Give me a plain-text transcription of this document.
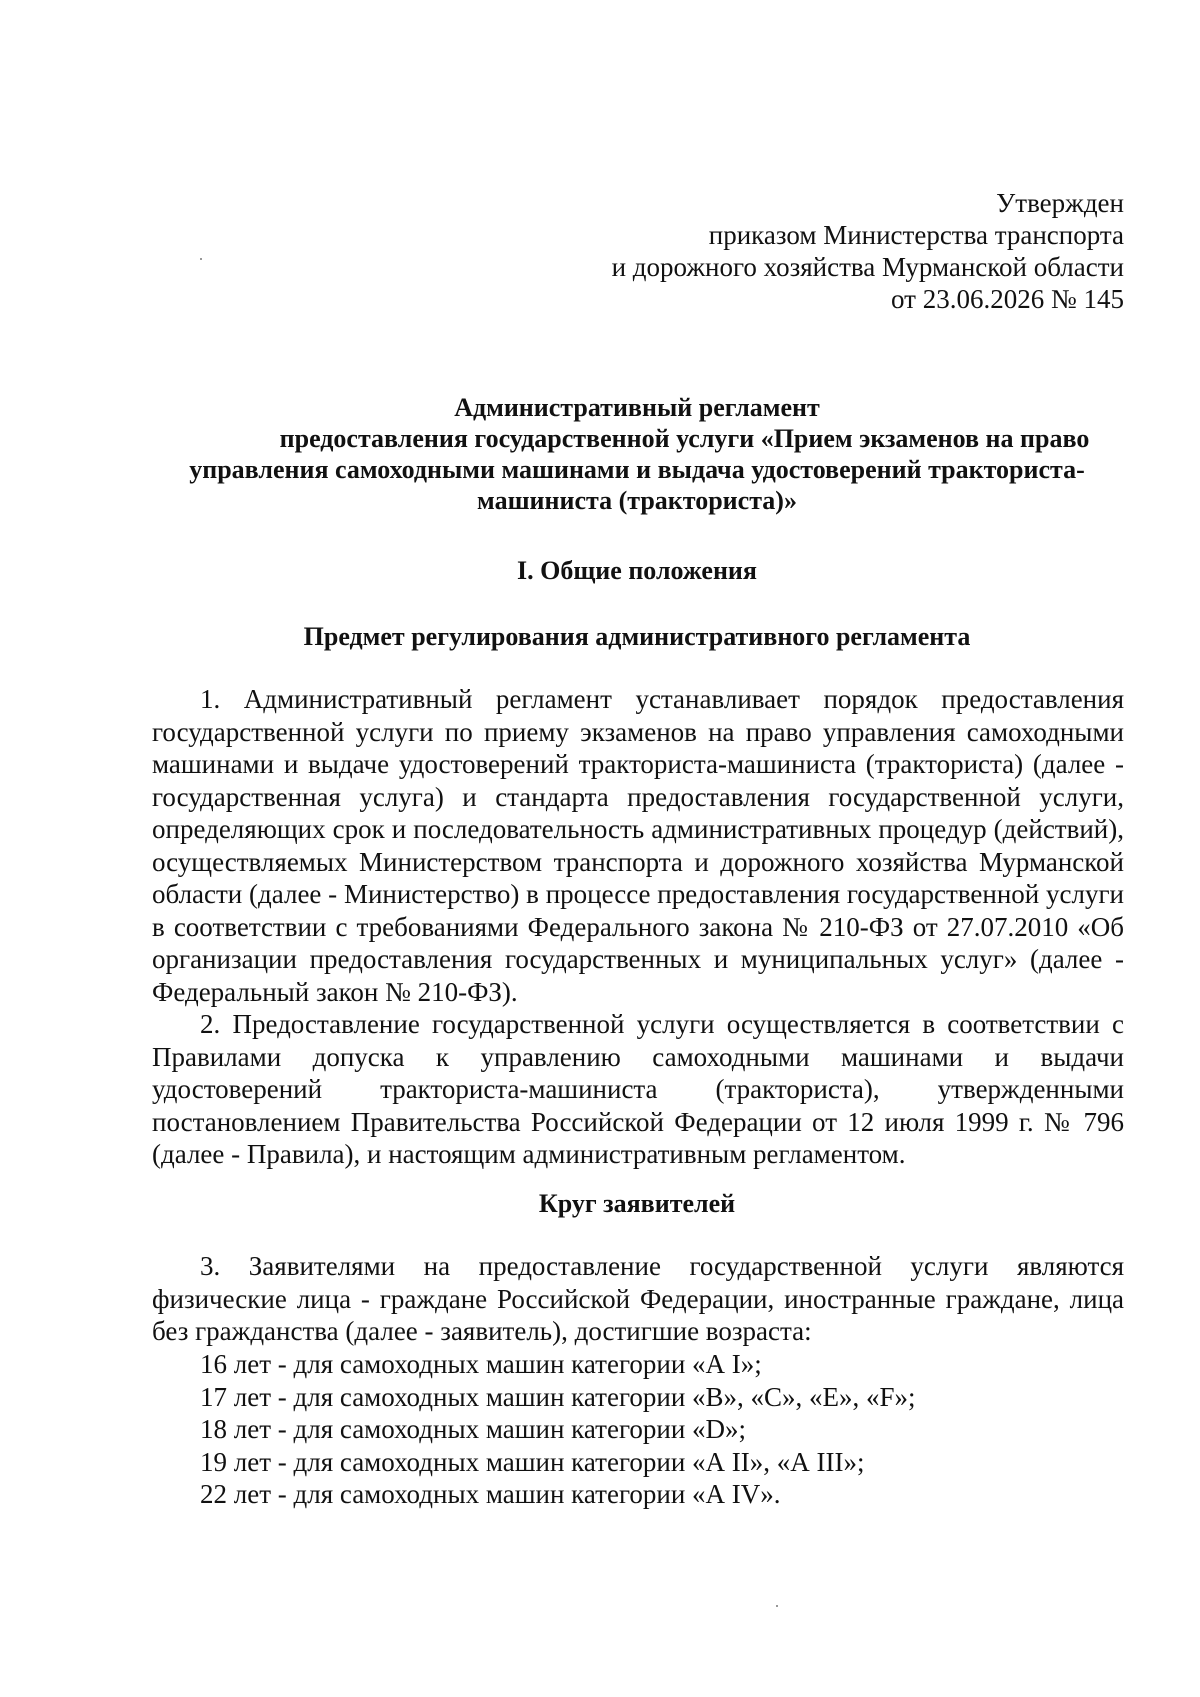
Утвержден
приказом Министерства транспорта
и дорожного хозяйства Мурманской области
от 23.06.2026 № 145
Административный регламент
предоставления государственной услуги «Прием экзаменов на право
управления самоходными машинами и выдача удостоверений тракториста-
машиниста (тракториста)»
I. Общие положения
Предмет регулирования административного регламента

1. Административный регламент устанавливает порядок предоставления государственной услуги по приему экзаменов на право управления самоходными машинами и выдаче удостоверений тракториста-машиниста (тракториста) (далее - государственная услуга) и стандарта предоставления государственной услуги, определяющих срок и последовательность административных процедур (действий), осуществляемых Министерством транспорта и дорожного хозяйства Мурманской области (далее - Министерство) в процессе предоставления государственной услуги в соответствии с требованиями Федерального закона № 210-ФЗ от 27.07.2010 «Об организации предоставления государственных и муниципальных услуг» (далее - Федеральный закон № 210-ФЗ).

2. Предоставление государственной услуги осуществляется в соответствии с Правилами допуска к управлению самоходными машинами и выдачи удостоверений тракториста-машиниста (тракториста), утвержденными постановлением Правительства Российской Федерации от 12 июля 1999 г. № 796 (далее - Правила), и настоящим административным регламентом.

Круг заявителей

3. Заявителями на предоставление государственной услуги являются физические лица - граждане Российской Федерации, иностранные граждане, лица без гражданства (далее - заявитель), достигшие возраста:

16 лет - для самоходных машин категории «А I»;
17 лет - для самоходных машин категории «В», «С», «Е», «F»;
18 лет - для самоходных машин категории «D»;
19 лет - для самоходных машин категории «А II», «А III»;
22 лет - для самоходных машин категории «А IV».
